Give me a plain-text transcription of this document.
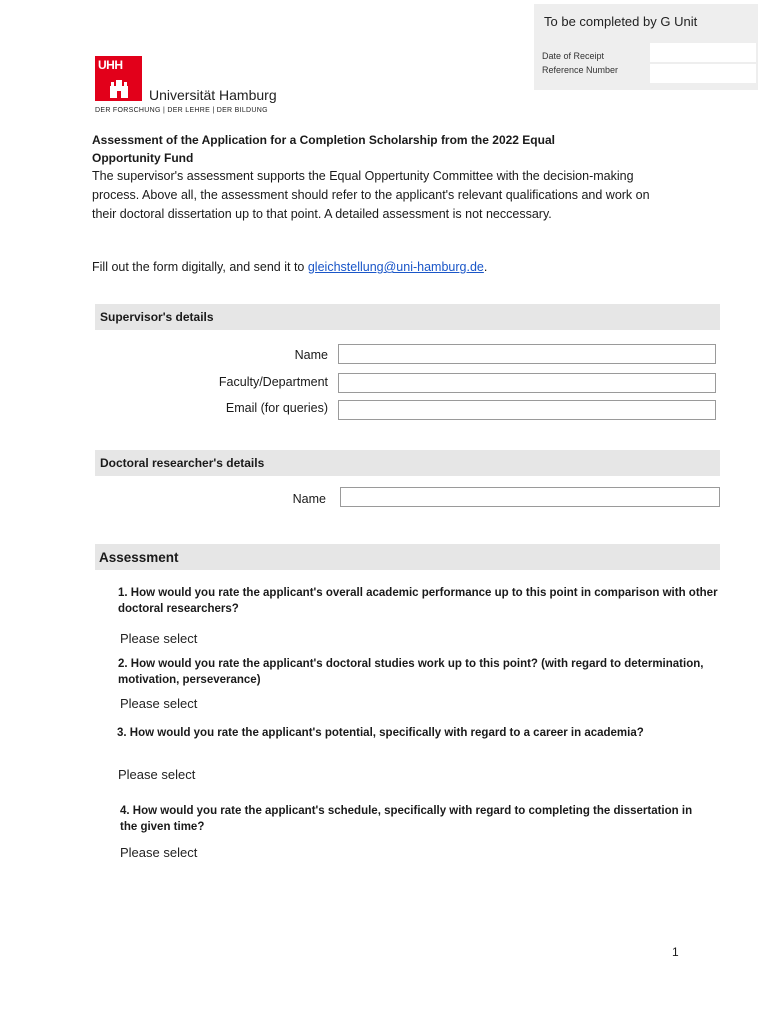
To be completed by G Unit
Date of Receipt
Reference Number
UHH
Universität Hamburg
DER FORSCHUNG | DER LEHRE | DER BILDUNG
Assessment of the Application for a Completion Scholarship from the 2022 Equal Opportunity Fund
The supervisor's assessment supports the Equal Oppertunity Committee with the decision-making process. Above all, the assessment should refer to the applicant's relevant qualifications and work on their doctoral dissertation up to that point. A detailed assessment is not neccessary.
Fill out the form digitally, and send it to gleichstellung@uni-hamburg.de.
Supervisor's details
Name
Faculty/Department
Email (for queries)
Doctoral researcher's details
Name
Assessment
1. How would you rate the applicant's overall academic performance up to this point in comparison with other doctoral researchers?
Please select
2. How would you rate the applicant's doctoral studies work up to this point? (with regard to determination, motivation, perseverance)
Please select
3. How would you rate the applicant's potential, specifically with regard to a career in academia?
Please select
4. How would you rate the applicant's schedule, specifically with regard to completing the dissertation in the given time?
Please select
1
